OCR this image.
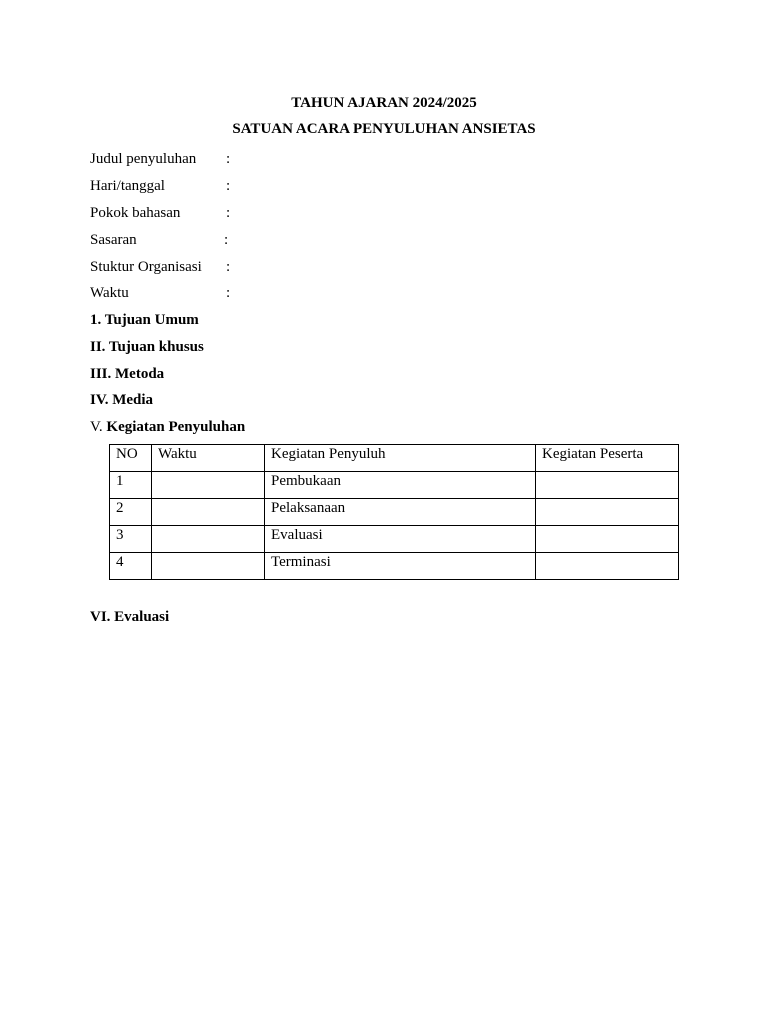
TAHUN AJARAN 2024/2025
SATUAN ACARA PENYULUHAN ANSIETAS
Judul penyuluhan :
Hari/tanggal	:
Pokok bahasan	:
Sasaran	:
Stuktur Organisasi :
Waktu	:
1. Tujuan Umum
II. Tujuan khusus
III. Metoda
IV. Media
V. Kegiatan Penyuluhan
NO	Waktu	Kegiatan Penyuluh	Kegiatan Peserta
1		Pembukaan	
2		Pelaksanaan	
3		Evaluasi	
4		Terminasi	
VI. Evaluasi
